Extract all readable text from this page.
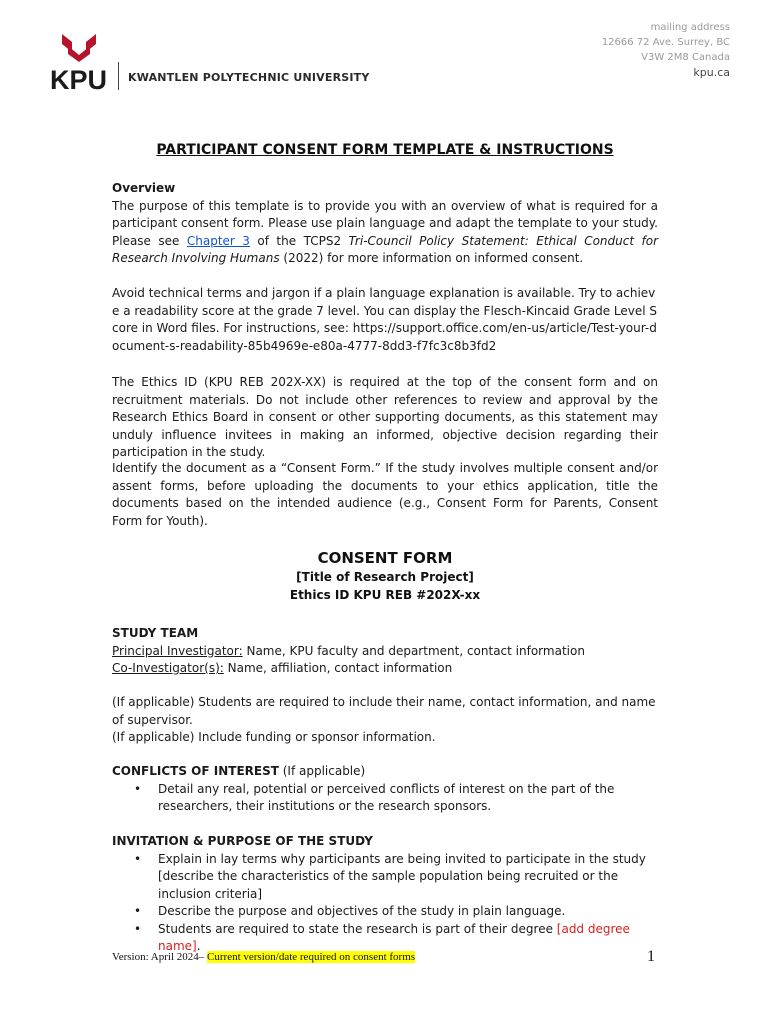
KPU KWANTLEN POLYTECHNIC UNIVERSITY
mailing address
12666 72 Ave. Surrey, BC
V3W 2M8 Canada
kpu.ca
PARTICIPANT CONSENT FORM TEMPLATE & INSTRUCTIONS
Overview
The purpose of this template is to provide you with an overview of what is required for a participant consent form. Please use plain language and adapt the template to your study. Please see Chapter 3 of the TCPS2 Tri-Council Policy Statement: Ethical Conduct for Research Involving Humans (2022) for more information on informed consent.
Avoid technical terms and jargon if a plain language explanation is available. Try to achieve a readability score at the grade 7 level. You can display the Flesch-Kincaid Grade Level Score in Word files. For instructions, see: https://support.office.com/en-us/article/Test-your-document-s-readability-85b4969e-e80a-4777-8dd3-f7fc3c8b3fd2
The Ethics ID (KPU REB 202X-XX) is required at the top of the consent form and on recruitment materials. Do not include other references to review and approval by the Research Ethics Board in consent or other supporting documents, as this statement may unduly influence invitees in making an informed, objective decision regarding their participation in the study.
Identify the document as a “Consent Form.” If the study involves multiple consent and/or assent forms, before uploading the documents to your ethics application, title the documents based on the intended audience (e.g., Consent Form for Parents, Consent Form for Youth).
CONSENT FORM
[Title of Research Project]
Ethics ID KPU REB #202X-xx
STUDY TEAM
Principal Investigator: Name, KPU faculty and department, contact information
Co-Investigator(s): Name, affiliation, contact information
(If applicable) Students are required to include their name, contact information, and name of supervisor.
(If applicable) Include funding or sponsor information.
CONFLICTS OF INTEREST (If applicable)
• Detail any real, potential or perceived conflicts of interest on the part of the researchers, their institutions or the research sponsors.
INVITATION & PURPOSE OF THE STUDY
• Explain in lay terms why participants are being invited to participate in the study [describe the characteristics of the sample population being recruited or the inclusion criteria]
• Describe the purpose and objectives of the study in plain language.
• Students are required to state the research is part of their degree [add degree name].
Version: April 2024– Current version/date required on consent forms	1
